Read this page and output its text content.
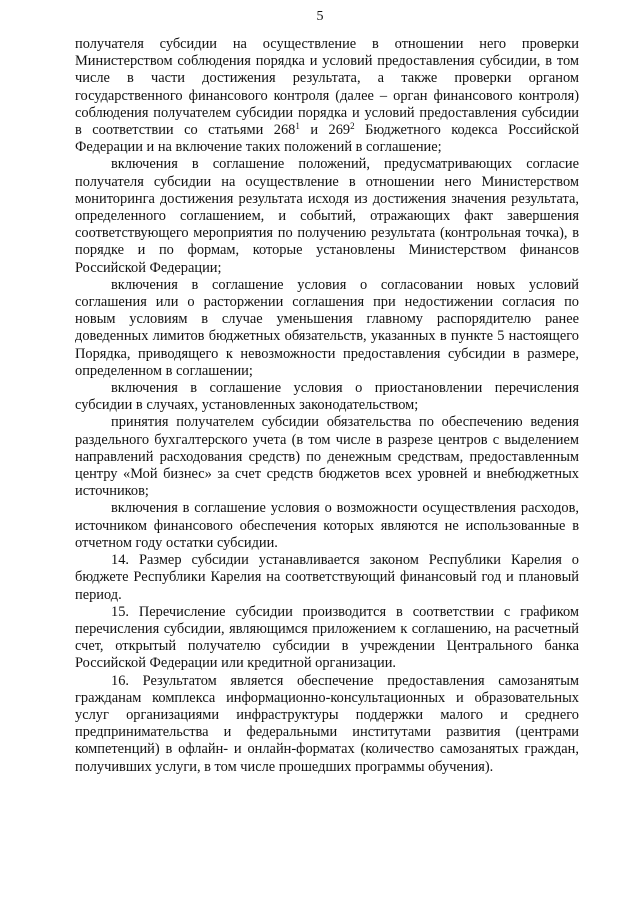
5

получателя субсидии на осуществление в отношении него проверки Министерством соблюдения порядка и условий предоставления субсидии, в том числе в части достижения результата, а также проверки органом государственного финансового контроля (далее – орган финансового контроля) соблюдения получателем субсидии порядка и условий предоставления субсидии в соответствии со статьями $268^1$ и $269^2$ Бюджетного кодекса Российской Федерации и на включение таких положений в соглашение;

включения в соглашение положений, предусматривающих согласие получателя субсидии на осуществление в отношении него Министерством мониторинга достижения результата исходя из достижения значения результата, определенного соглашением, и событий, отражающих факт завершения соответствующего мероприятия по получению результата (контрольная точка), в порядке и по формам, которые установлены Министерством финансов Российской Федерации;

включения в соглашение условия о согласовании новых условий соглашения или о расторжении соглашения при недостижении согласия по новым условиям в случае уменьшения главному распорядителю ранее доведенных лимитов бюджетных обязательств, указанных в пункте 5 настоящего Порядка, приводящего к невозможности предоставления субсидии в размере, определенном в соглашении;

включения в соглашение условия о приостановлении перечисления субсидии в случаях, установленных законодательством;

принятия получателем субсидии обязательства по обеспечению ведения раздельного бухгалтерского учета (в том числе в разрезе центров с выделением направлений расходования средств) по денежным средствам, предоставленным центру «Мой бизнес» за счет средств бюджетов всех уровней и внебюджетных источников;

включения в соглашение условия о возможности осуществления расходов, источником финансового обеспечения которых являются не использованные в отчетном году остатки субсидии.

14. Размер субсидии устанавливается законом Республики Карелия о бюджете Республики Карелия на соответствующий финансовый год и плановый период.

15. Перечисление субсидии производится в соответствии с графиком перечисления субсидии, являющимся приложением к соглашению, на расчетный счет, открытый получателю субсидии в учреждении Центрального банка Российской Федерации или кредитной организации.

16. Результатом является обеспечение предоставления самозанятым гражданам комплекса информационно-консультационных и образовательных услуг организациями инфраструктуры поддержки малого и среднего предпринимательства и федеральными институтами развития (центрами компетенций) в офлайн- и онлайн-форматах (количество самозанятых граждан, получивших услуги, в том числе прошедших программы обучения).
